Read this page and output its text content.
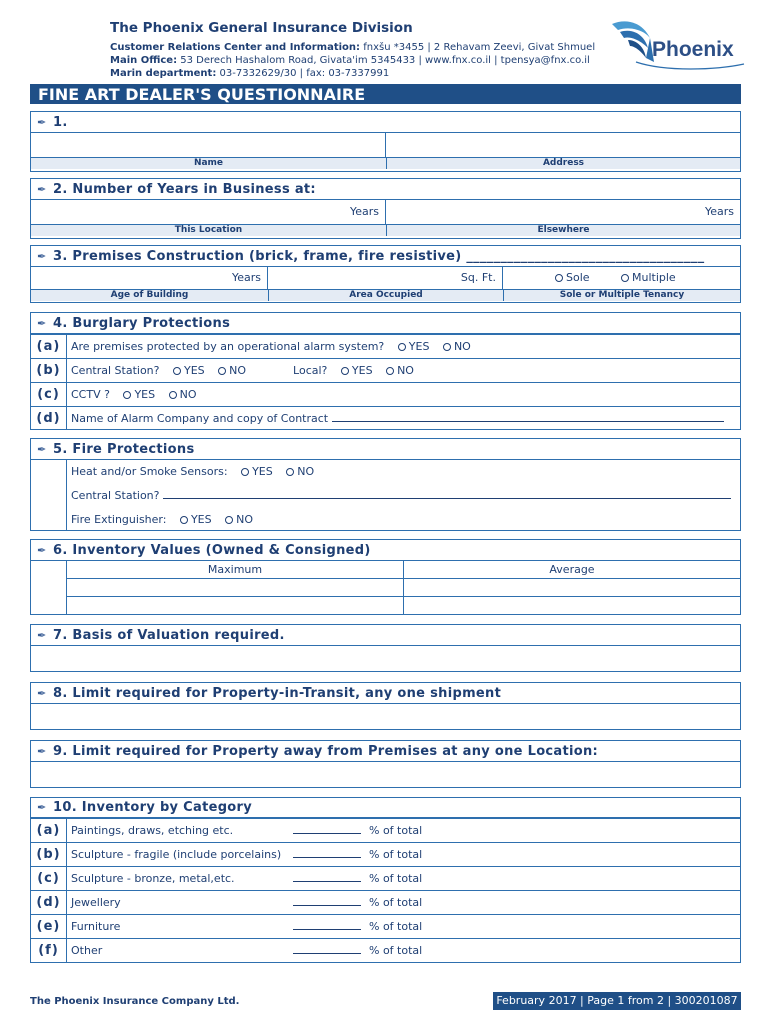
The Phoenix General Insurance Division
Customer Relations Center and Information: fnxšu *3455 | 2 Rehavam Zeevi, Givat Shmuel
Main Office: 53 Derech Hashalom Road, Givata'im 5345433 | www.fnx.co.il | tpensya@fnx.co.il
Marin department: 03-7332629/30 | fax: 03-7337991
Phoenix
FINE ART DEALER'S QUESTIONNAIRE
✒ 1.
Name	Address
✒ 2. Number of Years in Business at:
Years	Years
This Location	Elsewhere
✒ 3. Premises Construction (brick, frame, fire resistive) ___________________________________
Years	Sq. Ft.	Sole	Multiple
Age of Building	Area Occupied	Sole or Multiple Tenancy
✒ 4. Burglary Protections
(a) Are premises protected by an operational alarm system? YES NO
(b) Central Station? YES NO	Local? YES NO
(c)	CCTV ? YES NO
(d) Name of Alarm Company and copy of Contract
✒ 5. Fire Protections
Heat and/or Smoke Sensors: YES NO
Central Station?
Fire Extinguisher: YES NO
✒ 6. Inventory Values (Owned & Consigned)
Maximum	Average
✒ 7. Basis of Valuation required.
✒ 8. Limit required for Property-in-Transit, any one shipment
✒ 9. Limit required for Property away from Premises at any one Location:
✒ 10. Inventory by Category
(a) Paintings, draws, etching etc.	% of total
(b) Sculpture - fragile (include porcelains)	% of total
(c)	Sculpture - bronze, metal,etc.	% of total
(d) Jewellery	% of total
(e) Furniture	% of total
(f)	Other	% of total
The Phoenix Insurance Company Ltd.	February 2017 | Page 1 from 2 | 300201087
